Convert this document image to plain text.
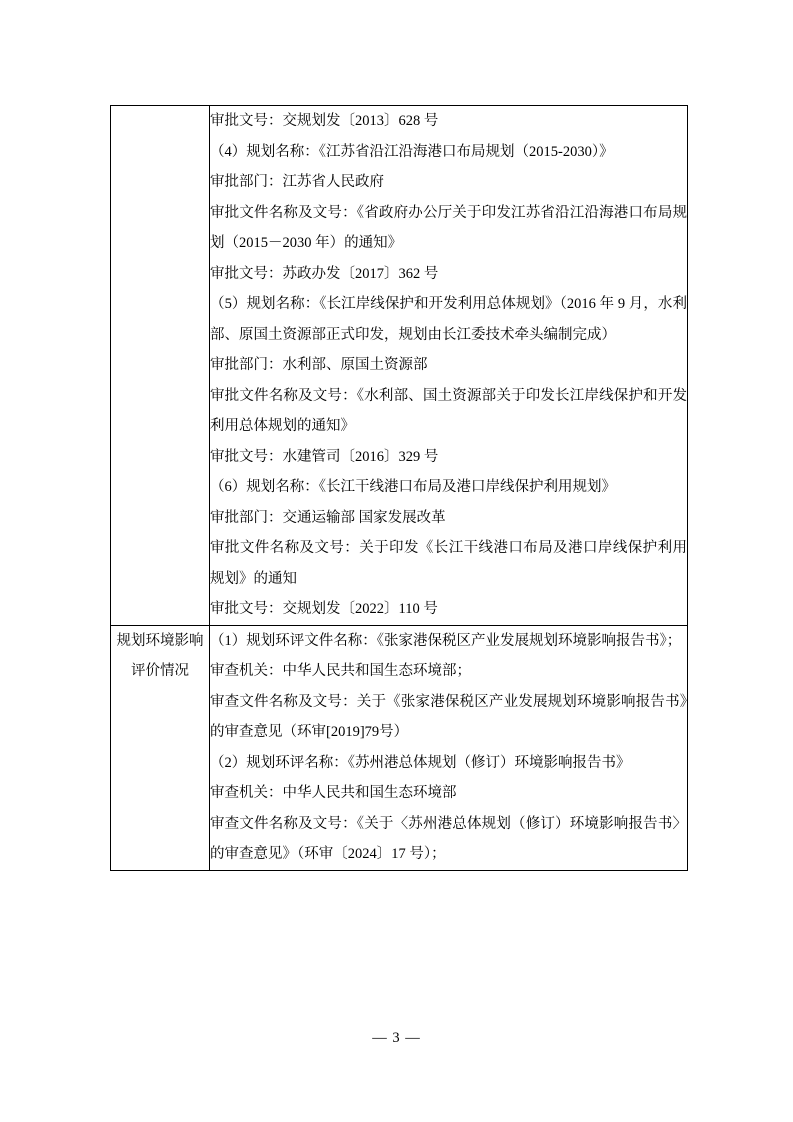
审批文号：交规划发〔2013〕628 号

（4）规划名称：《江苏省沿江沿海港口布局规划（2015-2030）》

审批部门：江苏省人民政府

审批文件名称及文号：《省政府办公厅关于印发江苏省沿江沿海港口布局规划（2015－2030 年）的通知》

审批文号：苏政办发〔2017〕362 号

（5）规划名称：《长江岸线保护和开发利用总体规划》（2016 年 9 月，水利部、原国土资源部正式印发，规划由长江委技术牵头编制完成）

审批部门：水利部、原国土资源部

审批文件名称及文号：《水利部、国土资源部关于印发长江岸线保护和开发利用总体规划的通知》

审批文号：水建管司〔2016〕329 号

（6）规划名称：《长江干线港口布局及港口岸线保护利用规划》

审批部门：交通运输部 国家发展改革

审批文件名称及文号：关于印发《长江干线港口布局及港口岸线保护利用规划》的通知

审批文号：交规划发〔2022〕110 号

规划环境影响
评价情况

（1）规划环评文件名称：《张家港保税区产业发展规划环境影响报告书》；

审查机关：中华人民共和国生态环境部；

审查文件名称及文号：关于《张家港保税区产业发展规划环境影响报告书》的审查意见（环审[2019]79号）

（2）规划环评名称：《苏州港总体规划（修订）环境影响报告书》

审查机关：中华人民共和国生态环境部

审查文件名称及文号：《关于〈苏州港总体规划（修订）环境影响报告书〉的审查意见》（环审〔2024〕17 号）；

— 3 —
